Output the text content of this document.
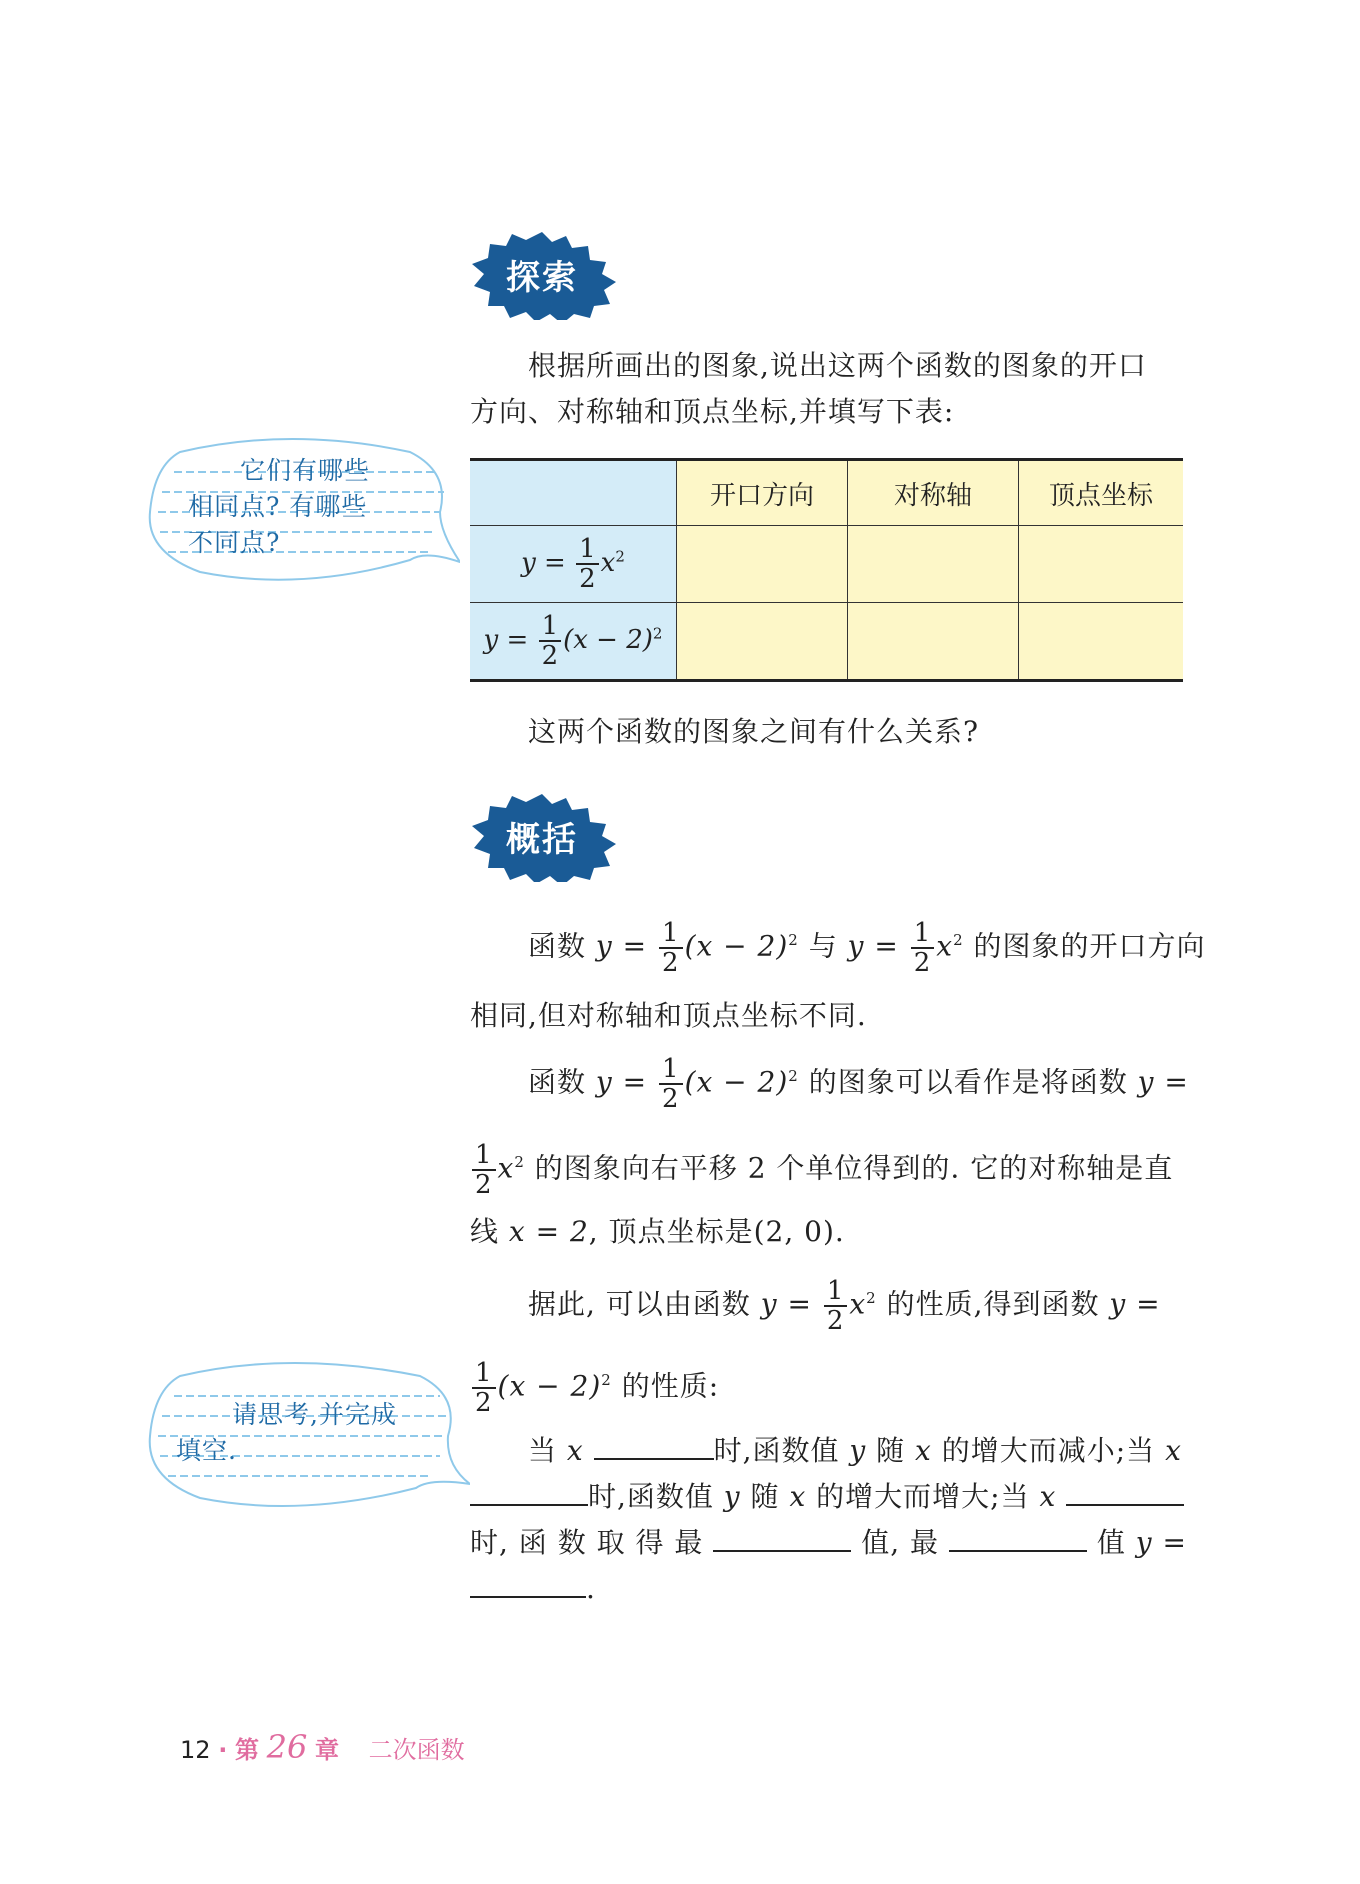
探索
根据所画出的图象,说出这两个函数的图象的开口
方向、对称轴和顶点坐标,并填写下表:
它们有哪些
相同点? 有哪些
不同点?
	开口方向	对称轴	顶点坐标
$y = \frac{1}{2} x^2$			
$y = \frac{1}{2} (x - 2)^2$			
这两个函数的图象之间有什么关系?
概括
函数 $y = \frac{1}{2} (x - 2)^2$ 与 $y = \frac{1}{2} x^2$ 的图象的开口方向
相同,但对称轴和顶点坐标不同.
函数 $y = \frac{1}{2} (x - 2)^2$ 的图象可以看作是将函数 y =
$\frac{1}{2} x^2$ 的图象向右平移 2 个单位得到的. 它的对称轴是直
线 x = 2, 顶点坐标是(2, 0).
据此, 可以由函数 $y = \frac{1}{2} x^2$ 的性质,得到函数 y =
$\frac{1}{2} (x - 2)^2$ 的性质:
请思考,并完成
填空.	当 x	时,函数值 y 随 x 的增大而减小;当 x
时,函数值 y 随 x 的增大而增大;当 x
时, 函 数 取 得 最	值, 最	值 y =
.
12 · 第 26 章 二次函数
